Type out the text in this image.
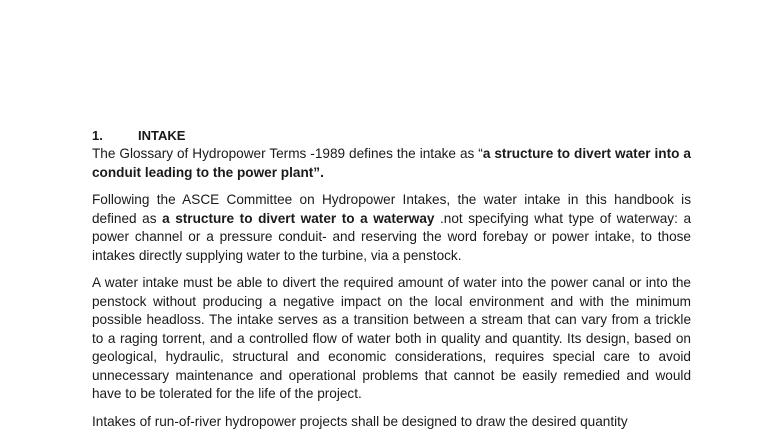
1.	INTAKE

The Glossary of Hydropower Terms -1989 defines the intake as “a structure to divert water into a conduit leading to the power plant”.

Following the ASCE Committee on Hydropower Intakes, the water intake in this handbook is defined as a structure to divert water to a waterway .not specifying what type of waterway: a power channel or a pressure conduit- and reserving the word forebay or power intake, to those intakes directly supplying water to the turbine, via a penstock.

A water intake must be able to divert the required amount of water into the power canal or into the penstock without producing a negative impact on the local environment and with the minimum possible headloss. The intake serves as a transition between a stream that can vary from a trickle to a raging torrent, and a controlled flow of water both in quality and quantity. Its design, based on geological, hydraulic, structural and economic considerations, requires special care to avoid unnecessary maintenance and operational problems that cannot be easily remedied and would have to be tolerated for the life of the project.

Intakes of run-of-river hydropower projects shall be designed to draw the desired quantity
